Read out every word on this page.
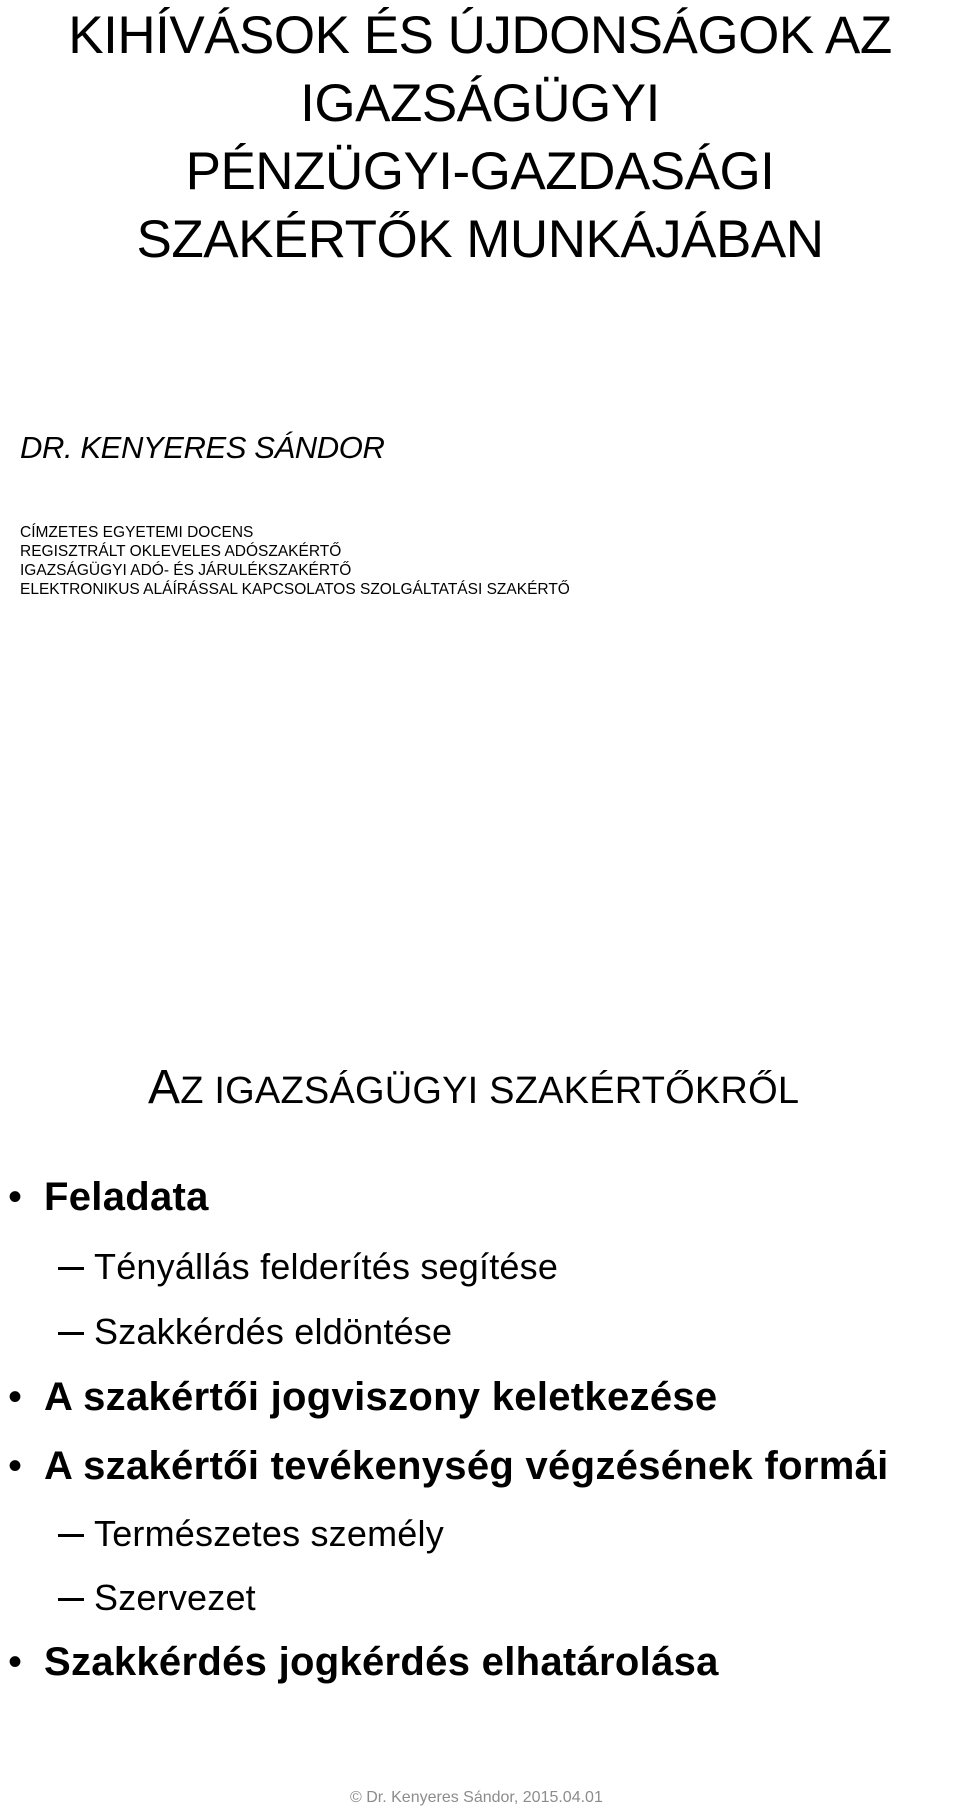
KIHÍVÁSOK ÉS ÚJDONSÁGOK AZ
IGAZSÁGÜGYI
PÉNZÜGYI-GAZDASÁGI
SZAKÉRTŐK MUNKÁJÁBAN
DR. KENYERES SÁNDOR
CÍMZETES EGYETEMI DOCENS
REGISZTRÁLT OKLEVELES ADÓSZAKÉRTŐ
IGAZSÁGÜGYI ADÓ- ÉS JÁRULÉKSZAKÉRTŐ
ELEKTRONIKUS ALÁÍRÁSSAL KAPCSOLATOS SZOLGÁLTATÁSI SZAKÉRTŐ
AZ IGAZSÁGÜGYI SZAKÉRTŐKRŐL
• Feladata
Tényállás felderítés segítése
Szakkérdés eldöntése
• A szakértői jogviszony keletkezése
• A szakértői tevékenység végzésének formái
Természetes személy
Szervezet
• Szakkérdés jogkérdés elhatárolása
© Dr. Kenyeres Sándor, 2015.04.01
